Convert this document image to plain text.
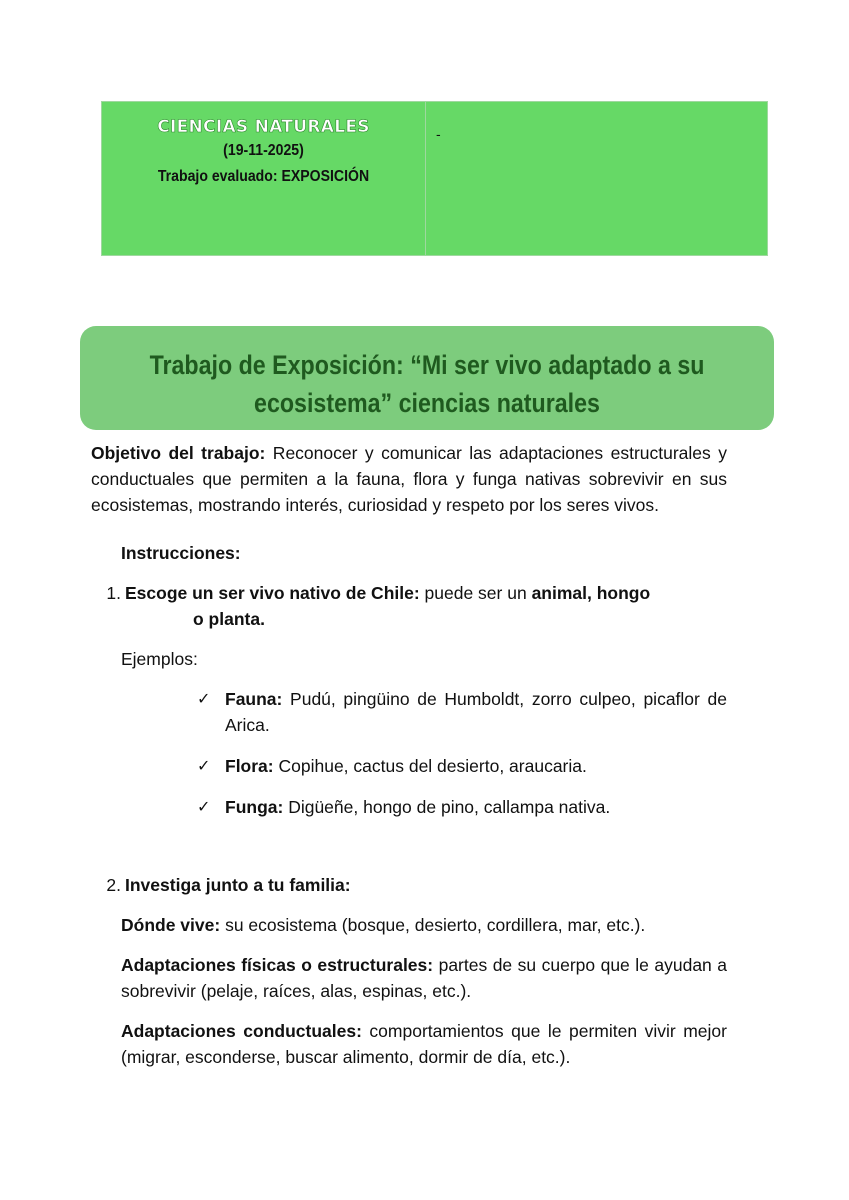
CIENCIAS NATURALES
(19-11-2025)
Trabajo evaluado: EXPOSICIÓN
-
Trabajo de Exposición: “Mi ser vivo adaptado a su
ecosistema” ciencias naturales

Objetivo del trabajo: Reconocer y comunicar las adaptaciones estructurales y conductuales que permiten a la fauna, flora y funga nativas sobrevivir en sus ecosistemas, mostrando interés, curiosidad y respeto por los seres vivos.

Instrucciones:
1. Escoge un ser vivo nativo de Chile: puede ser un animal, hongo
o planta.
Ejemplos:
✓ Fauna: Pudú, pingüino de Humboldt, zorro culpeo, picaflor de Arica.
✓ Flora: Copihue, cactus del desierto, araucaria.
✓ Funga: Digüeñe, hongo de pino, callampa nativa.
2. Investiga junto a tu familia:

Dónde vive: su ecosistema (bosque, desierto, cordillera, mar, etc.).

Adaptaciones físicas o estructurales: partes de su cuerpo que le ayudan a sobrevivir (pelaje, raíces, alas, espinas, etc.).

Adaptaciones conductuales: comportamientos que le permiten vivir mejor (migrar, esconderse, buscar alimento, dormir de día, etc.).
